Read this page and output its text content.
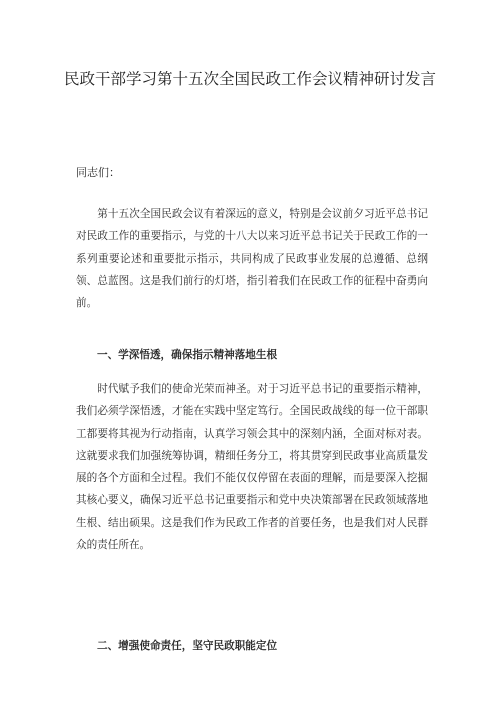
民政干部学习第十五次全国民政工作会议精神研讨发言
同志们：

第十五次全国民政会议有着深远的意义，特别是会议前夕习近平总书记对民政工作的重要指示，与党的十八大以来习近平总书记关于民政工作的一系列重要论述和重要批示指示，共同构成了民政事业发展的总遵循、总纲领、总蓝图。这是我们前行的灯塔，指引着我们在民政工作的征程中奋勇向前。

一、学深悟透，确保指示精神落地生根

时代赋予我们的使命光荣而神圣。对于习近平总书记的重要指示精神，我们必须学深悟透，才能在实践中坚定笃行。全国民政战线的每一位干部职工都要将其视为行动指南，认真学习领会其中的深刻内涵，全面对标对表。这就要求我们加强统筹协调，精细任务分工，将其贯穿到民政事业高质量发展的各个方面和全过程。我们不能仅仅停留在表面的理解，而是要深入挖掘其核心要义，确保习近平总书记重要指示和党中央决策部署在民政领域落地生根、结出硕果。这是我们作为民政工作者的首要任务，也是我们对人民群众的责任所在。

二、增强使命责任，坚守民政职能定位
